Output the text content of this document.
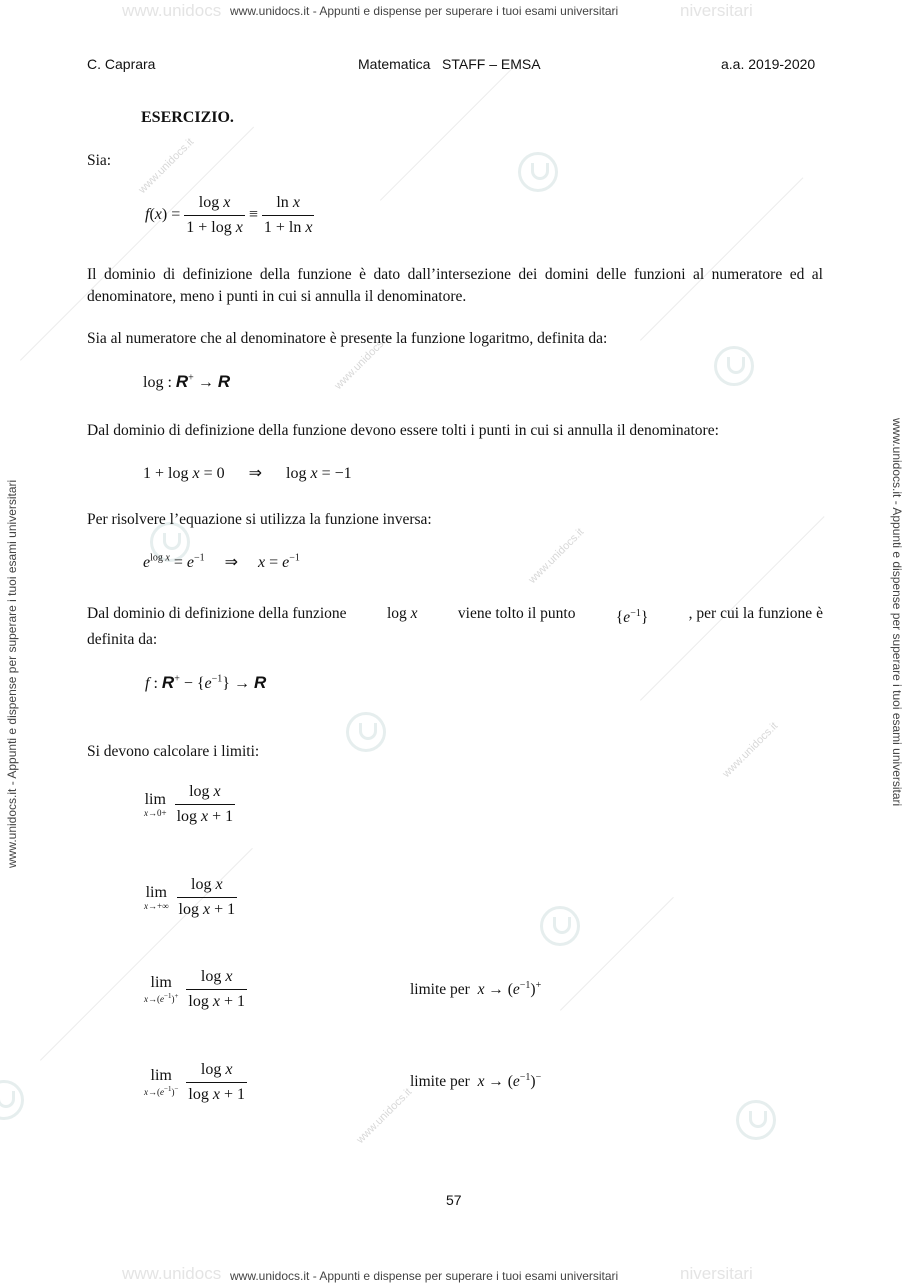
www.unidocs	niversitari
www.unidocs	niversitari
www.unidocs.it
www.unidocs.it
www.unidocs.it
www.unidocs.it
www.unidocs.it
www.unidocs.it - Appunti e dispense per superare i tuoi esami universitari
www.unidocs.it - Appunti e dispense per superare i tuoi esami universitari
www.unidocs.it - Appunti e dispense per superare i tuoi esami universitari	www.unidocs.it - Appunti e dispense per superare i tuoi esami universitari
C. Caprara	Matematica   STAFF – EMSA	a.a. 2019-2020
ESERCIZIO.
Sia:
$f(x) = \frac{\text{log x}}{\text{1 + log x}} \equiv \frac{\text{ln x}}{\text{1 + ln x}}$
Il dominio di definizione della funzione è dato dall’intersezione dei domini delle funzioni al numeratore ed al denominatore, meno i punti in cui si annulla il denominatore.
Sia al numeratore che al denominatore è presente la funzione logaritmo, definita da:
log : R+ → R
Dal dominio di definizione della funzione devono essere tolti i punti in cui si annulla il denominatore:
1 + log x = 0      ⇒      log x = −1
Per risolvere l’equazione si utilizza la funzione inversa:
$e^{log x} = e^{-1}$     ⇒     $x = e^{-1}$
Dal dominio di definizione della funzione	log x	viene tolto il punto	$\{e^{-1}\}$	, per cui la funzione è
definita da:
f : $R^+ - \{e^{-1}\} \to R$
Si devono calcolare i limiti:
lim
x→0+
$\frac{\text{log x}}{\text{log x + 1}}$
lim
x→+∞
$\frac{\text{log x}}{\text{log x + 1}}$
lim
$x\to(e^{-1})^+$
$\frac{\text{log x}}{\text{log x + 1}}$	limite per $x \to (e^{-1})^+$
lim
$x\to(e^{-1})^-$
$\frac{\text{log x}}{\text{log x + 1}}$	limite per $x \to (e^{-1})^-$
57
